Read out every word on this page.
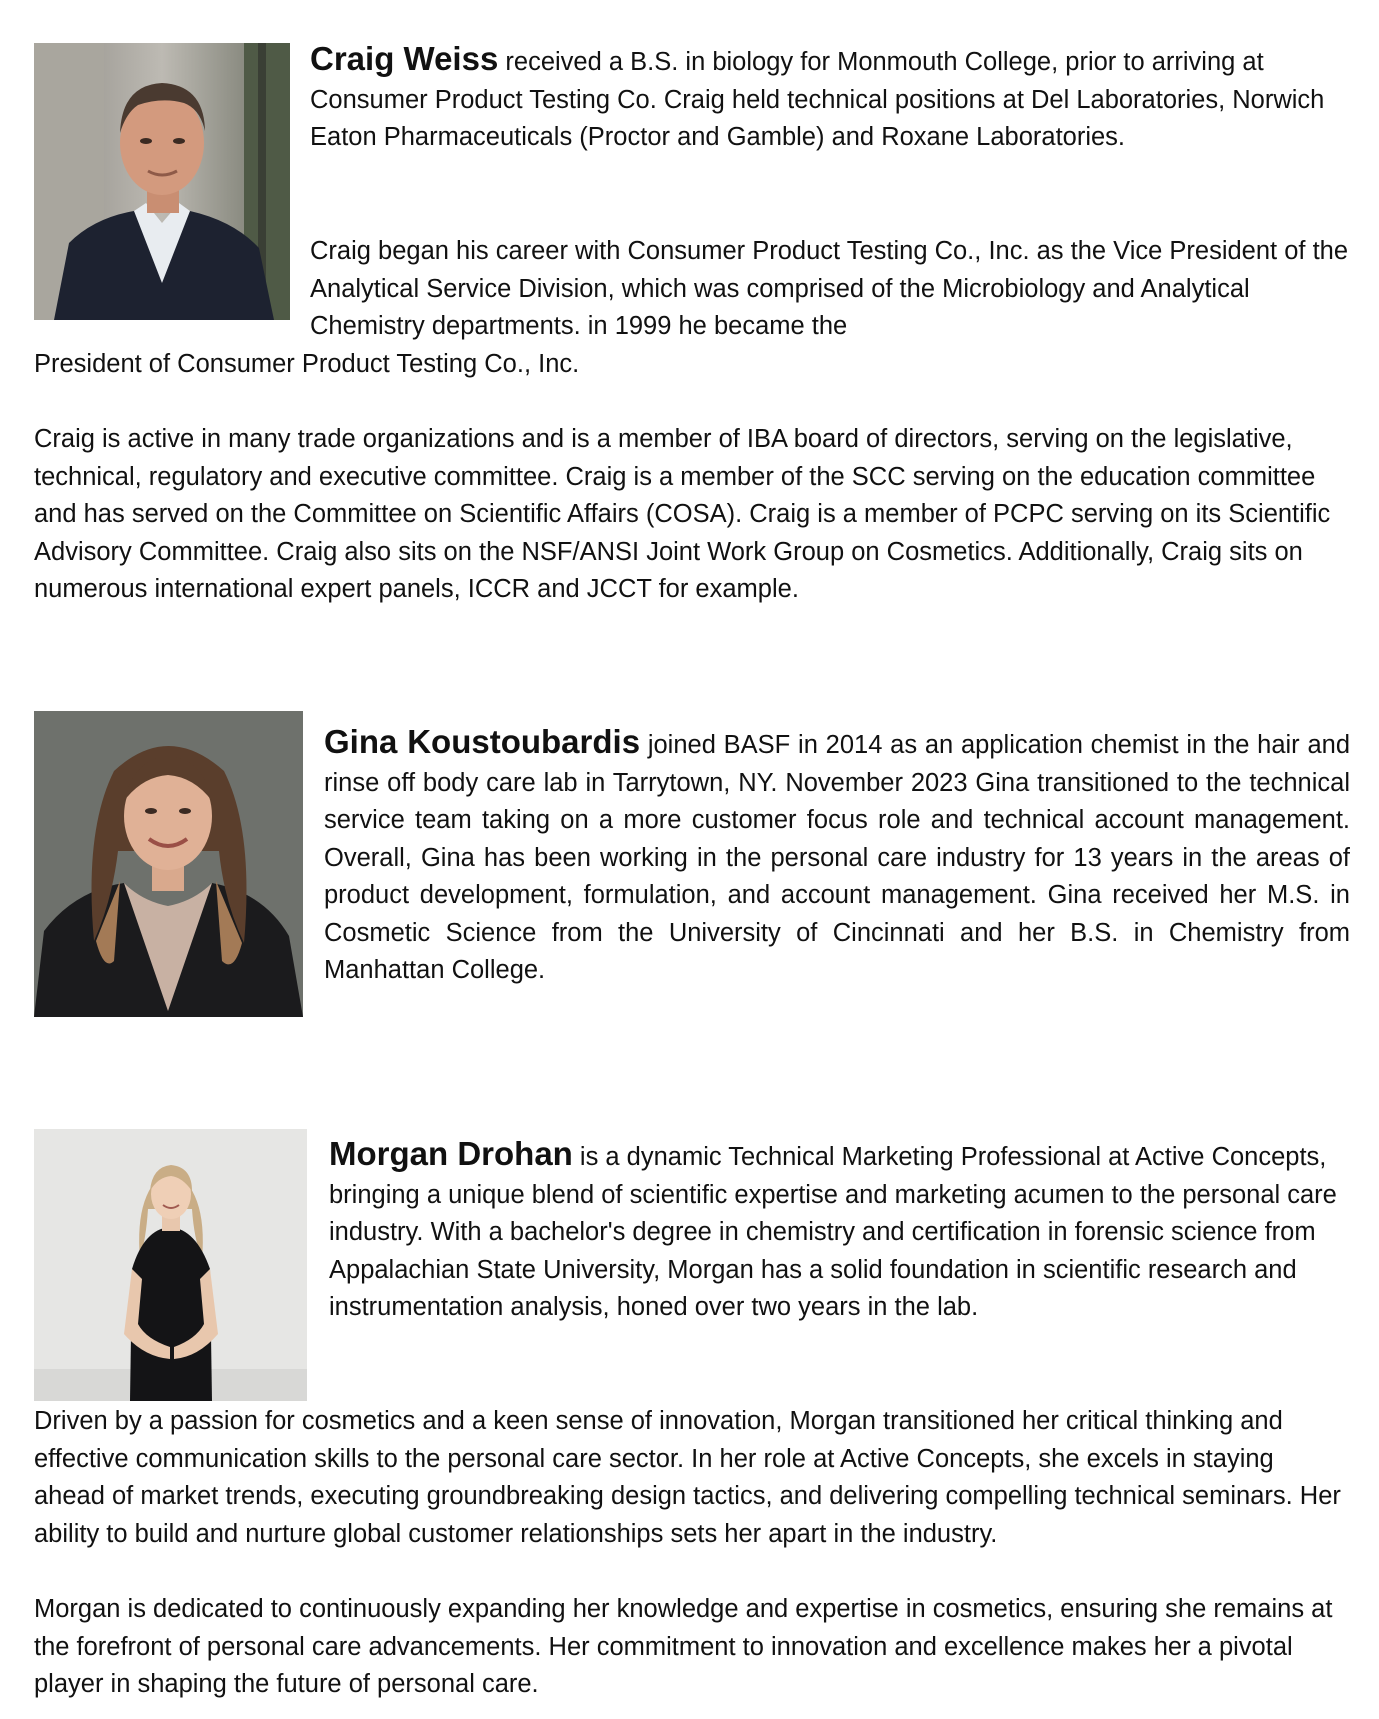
Craig Weiss received a B.S. in biology for Monmouth College, prior to arriving at Consumer Product Testing Co. Craig held technical positions at Del Laboratories, Norwich Eaton Pharmaceuticals (Proctor and Gamble) and Roxane Laboratories.

Craig began his career with Consumer Product Testing Co., Inc. as the Vice President of the Analytical Service Division, which was comprised of the Microbiology and Analytical Chemistry departments. in 1999 he became the

President of Consumer Product Testing Co., Inc.

Craig is active in many trade organizations and is a member of IBA board of directors, serving on the legislative, technical, regulatory and executive committee. Craig is a member of the SCC serving on the education committee and has served on the Committee on Scientific Affairs (COSA). Craig is a member of PCPC serving on its Scientific Advisory Committee. Craig also sits on the NSF/ANSI Joint Work Group on Cosmetics. Additionally, Craig sits on numerous international expert panels, ICCR and JCCT for example.

Gina Koustoubardis joined BASF in 2014 as an application chemist in the hair and rinse off body care lab in Tarrytown, NY. November 2023 Gina transitioned to the technical service team taking on a more customer focus role and technical account management. Overall, Gina has been working in the personal care industry for 13 years in the areas of product development, formulation, and account management. Gina received her M.S. in Cosmetic Science from the University of Cincinnati and her B.S. in Chemistry from Manhattan College.

Morgan Drohan is a dynamic Technical Marketing Professional at Active Concepts, bringing a unique blend of scientific expertise and marketing acumen to the personal care industry. With a bachelor's degree in chemistry and certification in forensic science from Appalachian State University, Morgan has a solid foundation in scientific research and instrumentation analysis, honed over two years in the lab.

Driven by a passion for cosmetics and a keen sense of innovation, Morgan transitioned her critical thinking and effective communication skills to the personal care sector. In her role at Active Concepts, she excels in staying ahead of market trends, executing groundbreaking design tactics, and delivering compelling technical seminars. Her ability to build and nurture global customer relationships sets her apart in the industry.

Morgan is dedicated to continuously expanding her knowledge and expertise in cosmetics, ensuring she remains at the forefront of personal care advancements. Her commitment to innovation and excellence makes her a pivotal player in shaping the future of personal care.
